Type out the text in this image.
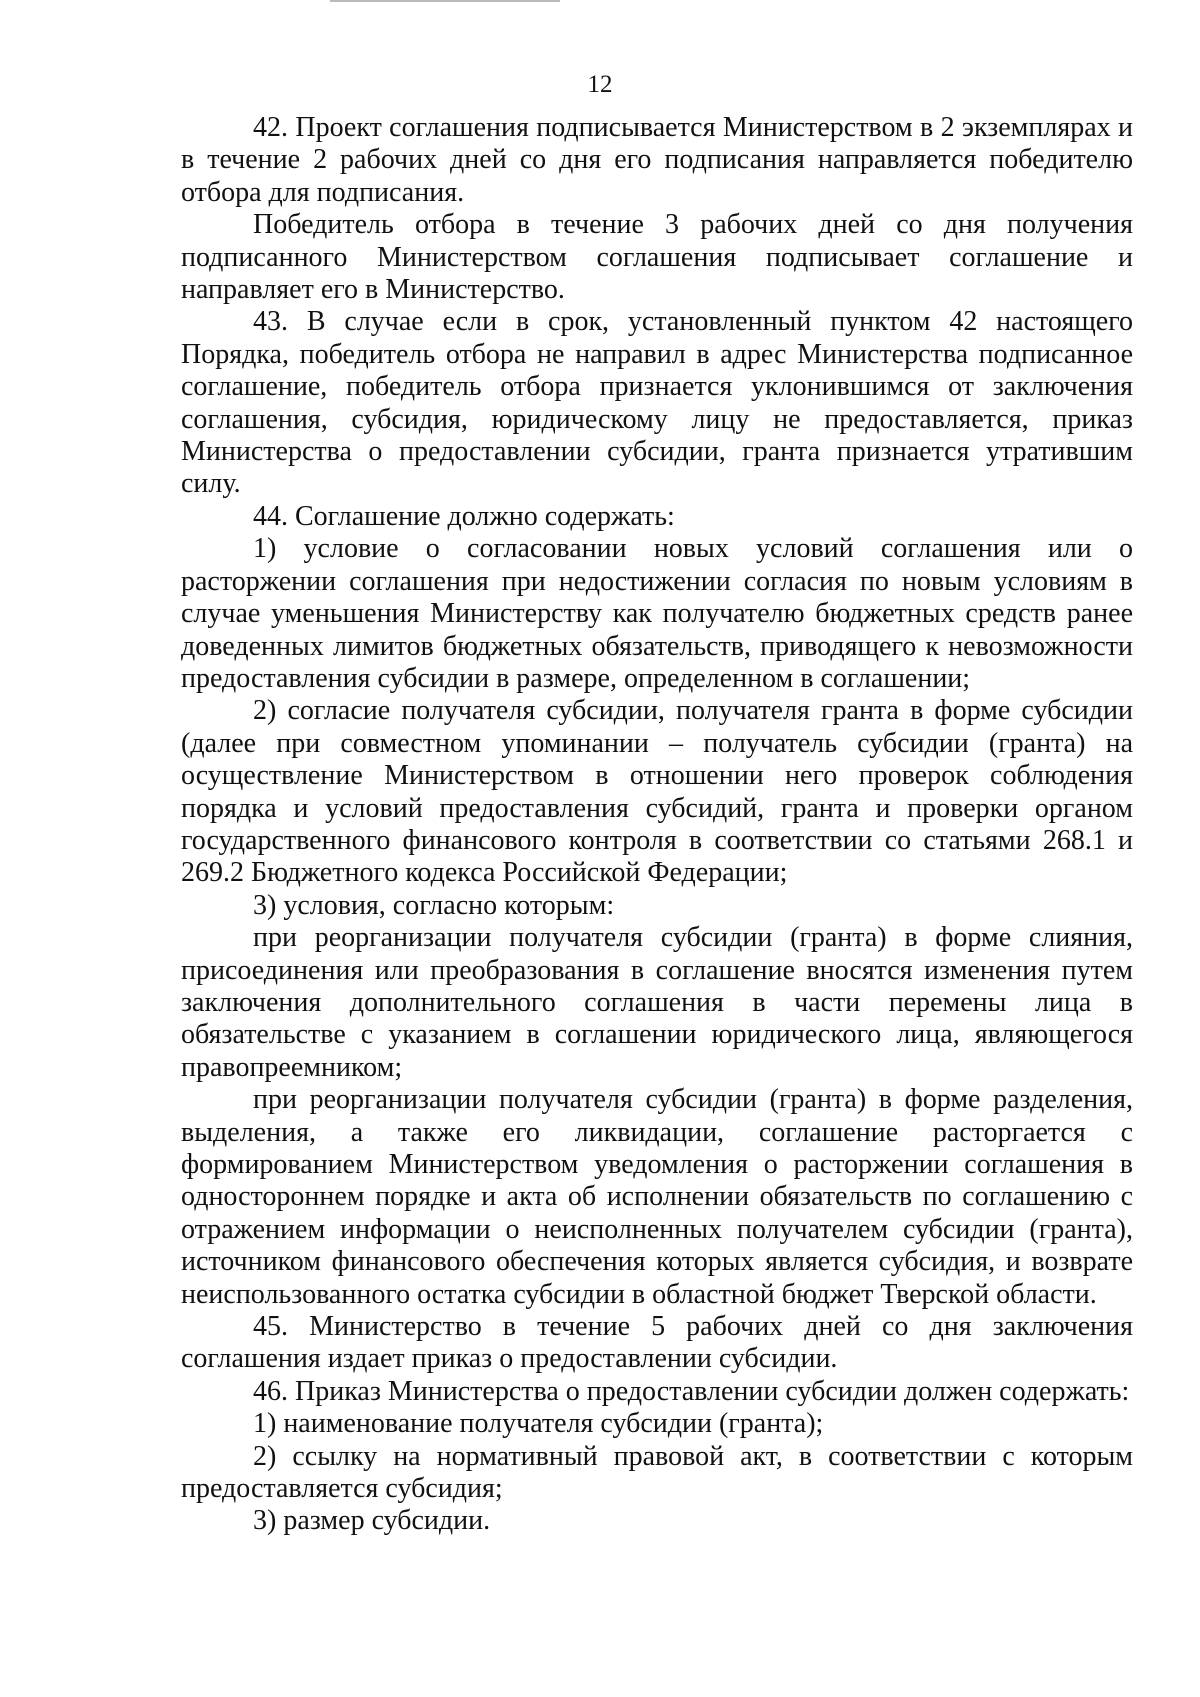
12

42. Проект соглашения подписывается Министерством в 2 экземплярах и в течение 2 рабочих дней со дня его подписания направляется победителю отбора для подписания.

Победитель отбора в течение 3 рабочих дней со дня получения подписанного Министерством соглашения подписывает соглашение и направляет его в Министерство.

43. В случае если в срок, установленный пунктом 42 настоящего Порядка, победитель отбора не направил в адрес Министерства подписанное соглашение, победитель отбора признается уклонившимся от заключения соглашения, субсидия, юридическому лицу не предоставляется, приказ Министерства о предоставлении субсидии, гранта признается утратившим силу.

44. Соглашение должно содержать:

1) условие о согласовании новых условий соглашения или о расторжении соглашения при недостижении согласия по новым условиям в случае уменьшения Министерству как получателю бюджетных средств ранее доведенных лимитов бюджетных обязательств, приводящего к невозможности предоставления субсидии в размере, определенном в соглашении;

2) согласие получателя субсидии, получателя гранта в форме субсидии (далее при совместном упоминании – получатель субсидии (гранта) на осуществление Министерством в отношении него проверок соблюдения порядка и условий предоставления субсидий, гранта и проверки органом государственного финансового контроля в соответствии со статьями 268.1 и 269.2 Бюджетного кодекса Российской Федерации;

3) условия, согласно которым:

при реорганизации получателя субсидии (гранта) в форме слияния, присоединения или преобразования в соглашение вносятся изменения путем заключения дополнительного соглашения в части перемены лица в обязательстве с указанием в соглашении юридического лица, являющегося правопреемником;

при реорганизации получателя субсидии (гранта) в форме разделения, выделения, а также его ликвидации, соглашение расторгается с формированием Министерством уведомления о расторжении соглашения в одностороннем порядке и акта об исполнении обязательств по соглашению с отражением информации о неисполненных получателем субсидии (гранта), источником финансового обеспечения которых является субсидия, и возврате неиспользованного остатка субсидии в областной бюджет Тверской области.

45. Министерство в течение 5 рабочих дней со дня заключения соглашения издает приказ о предоставлении субсидии.

46. Приказ Министерства о предоставлении субсидии должен содержать:

1) наименование получателя субсидии (гранта);

2) ссылку на нормативный правовой акт, в соответствии с которым предоставляется субсидия;

3) размер субсидии.
